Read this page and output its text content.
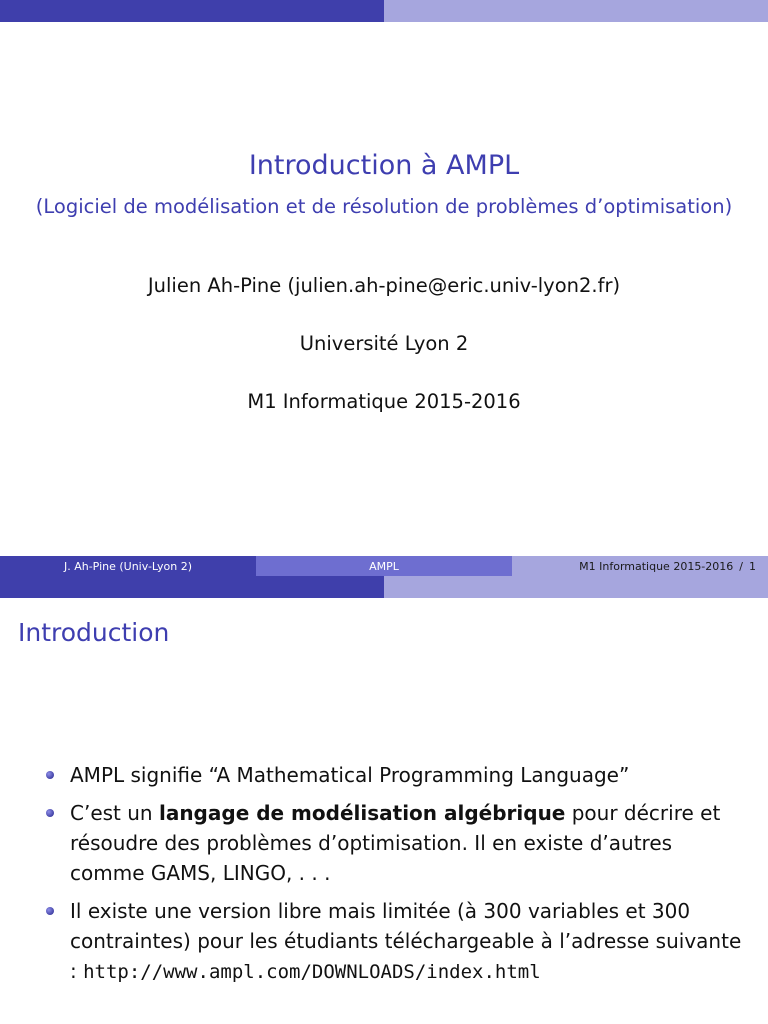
Introduction à AMPL
(Logiciel de modélisation et de résolution de problèmes d’optimisation)
Julien Ah-Pine (julien.ah-pine@eric.univ-lyon2.fr)
Université Lyon 2
M1 Informatique 2015-2016
J. Ah-Pine (Univ-Lyon 2)	AMPL	M1 Informatique 2015-2016 / 1
Introduction
AMPL signifie “A Mathematical Programming Language”
C’est un langage de modélisation algébrique pour décrire et résoudre des problèmes d’optimisation. Il en existe d’autres comme GAMS, LINGO, . . .
Il existe une version libre mais limitée (à 300 variables et 300 contraintes) pour les étudiants téléchargeable à l’adresse suivante : http://www.ampl.com/DOWNLOADS/index.html
